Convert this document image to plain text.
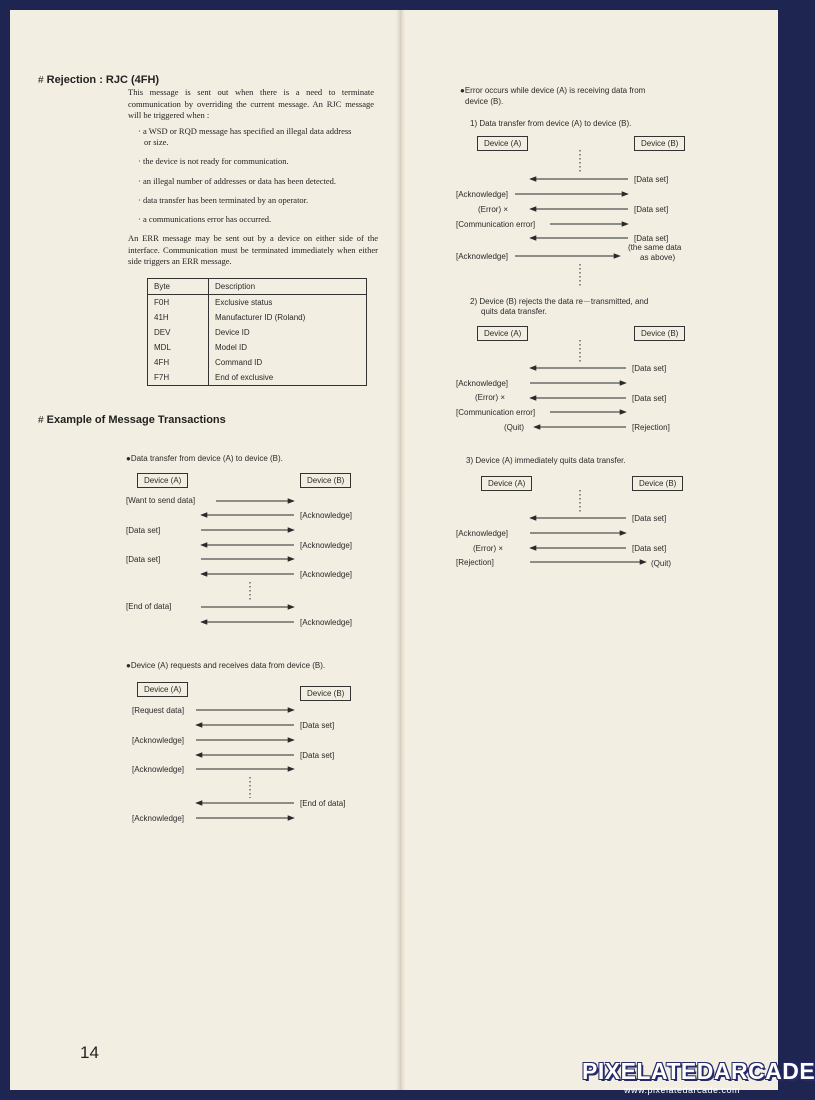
# Rejection : RJC (4FH)
This message is sent out when there is a need to terminate communication by overriding the current message. An RJC message will be triggered when :
· a WSD or RQD message has specified an illegal data address
or size.
· the device is not ready for communication.
· an illegal number of addresses or data has been detected.
· data transfer has been terminated by an operator.
· a communications error has occurred.
An ERR message may be sent out by a device on either side of the interface. Communication must be terminated immediately when either side triggers an ERR message.
Byte	Description
F0H	Exclusive status
41H	Manufacturer ID (Roland)
DEV	Device ID
MDL	Model ID
4FH	Command ID
F7H	End of exclusive
# Example of Message Transactions
●Data transfer from device (A) to device (B).
Device (A)	Device (B)
[Want to send data]
[Acknowledge]
[Data set]
[Acknowledge]
[Data set]
[Acknowledge]
[End of data]
[Acknowledge]
●Device (A) requests and receives data from device (B).
Device (A)	Device (B)
[Request data]
[Data set]
[Acknowledge]
[Data set]
[Acknowledge]
[End of data]
[Acknowledge]
●Error occurs while device (A) is receiving data from
device (B).
1) Data transfer from device (A) to device (B).
Device (A)	Device (B)
[Data set]
[Acknowledge]
(Error) ×	[Data set]
[Communication error]
[Data set]
(the same data
as above)
[Acknowledge]
2) Device (B) rejects the data re－transmitted, and
quits data transfer.
Device (A)	Device (B)
[Data set]
[Acknowledge]
(Error) ×	[Data set]
[Communication error]
(Quit)	[Rejection]
3) Device (A) immediately quits data transfer.
Device (A)	Device (B)
[Data set]
[Acknowledge]
(Error) ×	[Data set]
[Rejection]	(Quit)
14
PIXELATEDARCADE
www.pixelatedarcade.com
